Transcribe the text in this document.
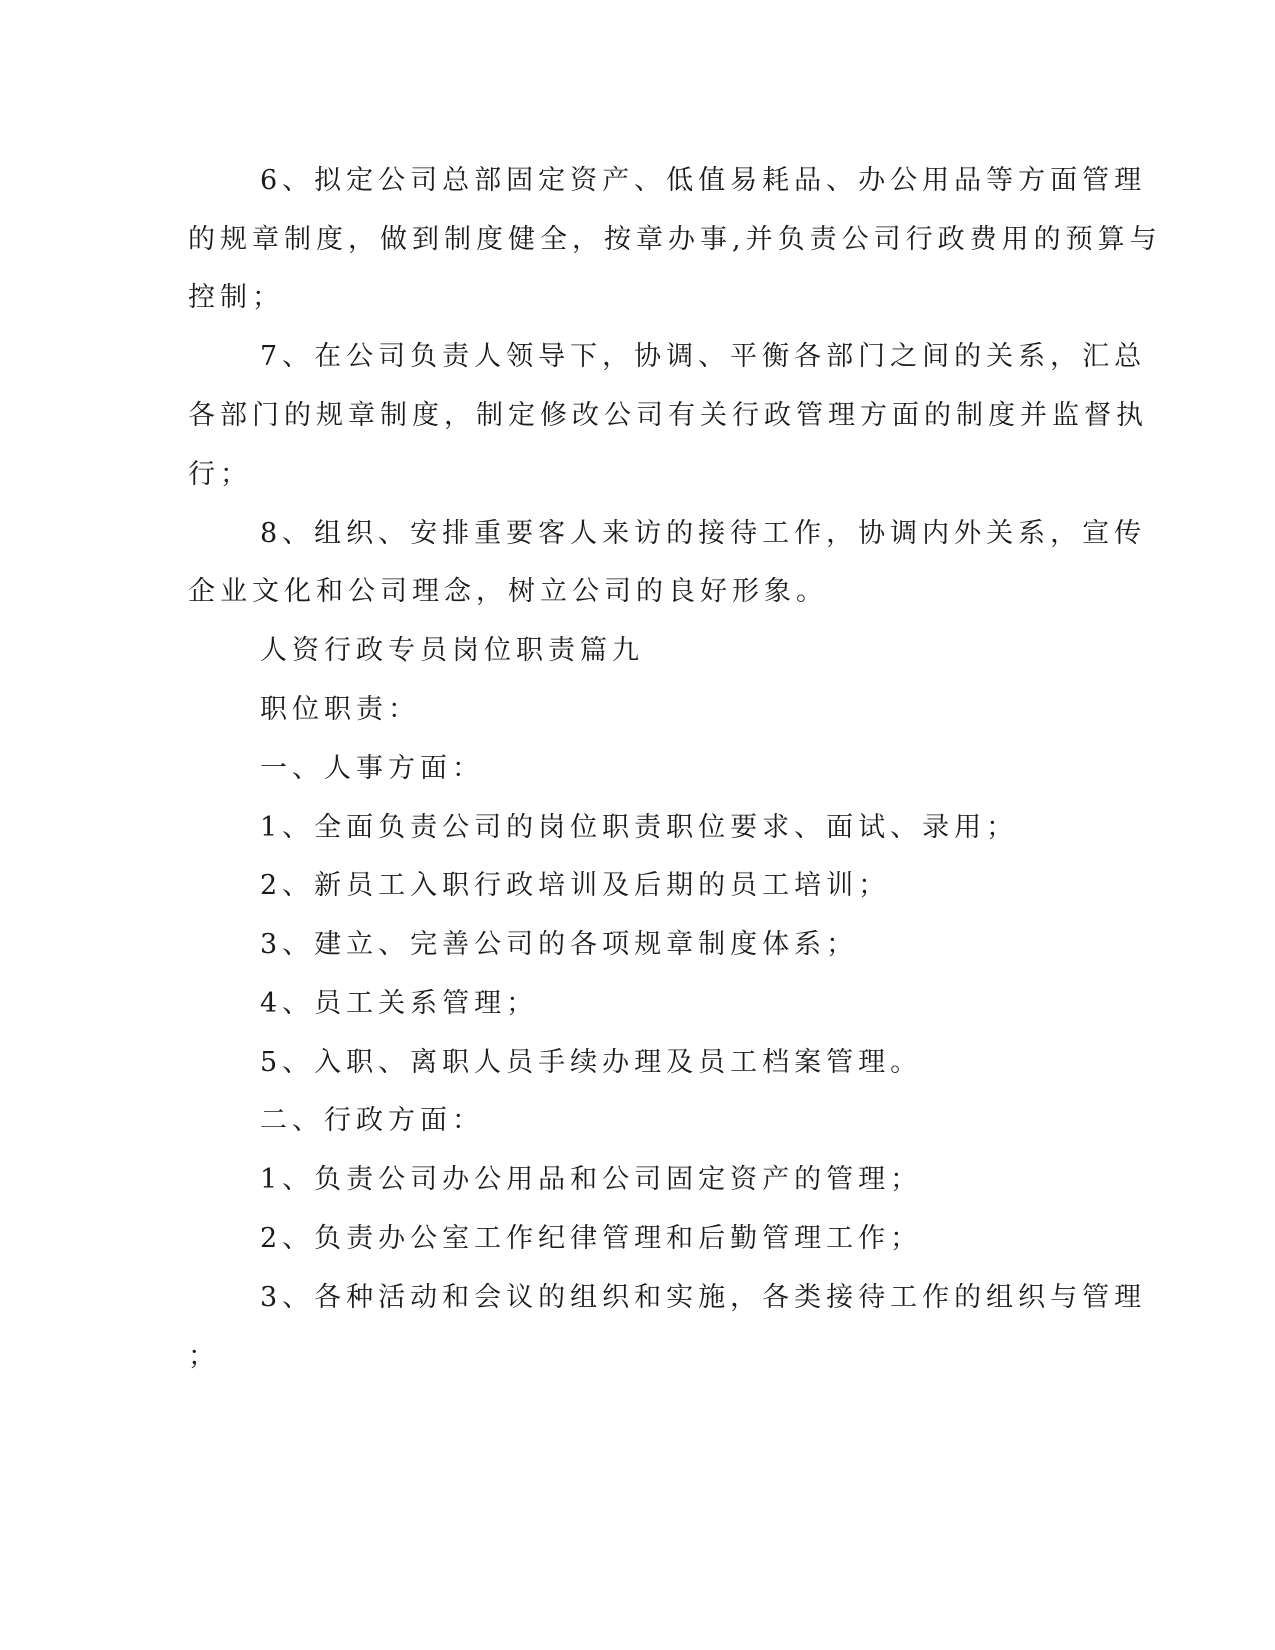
6、拟定公司总部固定资产、低值易耗品、办公用品等方面管理
的规章制度，做到制度健全，按章办事,并负责公司行政费用的预算与
控制；
7、在公司负责人领导下，协调、平衡各部门之间的关系，汇总
各部门的规章制度，制定修改公司有关行政管理方面的制度并监督执
行；
8、组织、安排重要客人来访的接待工作，协调内外关系，宣传
企业文化和公司理念，树立公司的良好形象。
人资行政专员岗位职责篇九
职位职责：
一、人事方面：
1、全面负责公司的岗位职责职位要求、面试、录用；
2、新员工入职行政培训及后期的员工培训；
3、建立、完善公司的各项规章制度体系；
4、员工关系管理；
5、入职、离职人员手续办理及员工档案管理。
二、行政方面：
1、负责公司办公用品和公司固定资产的管理；
2、负责办公室工作纪律管理和后勤管理工作；
3、各种活动和会议的组织和实施，各类接待工作的组织与管理
；
